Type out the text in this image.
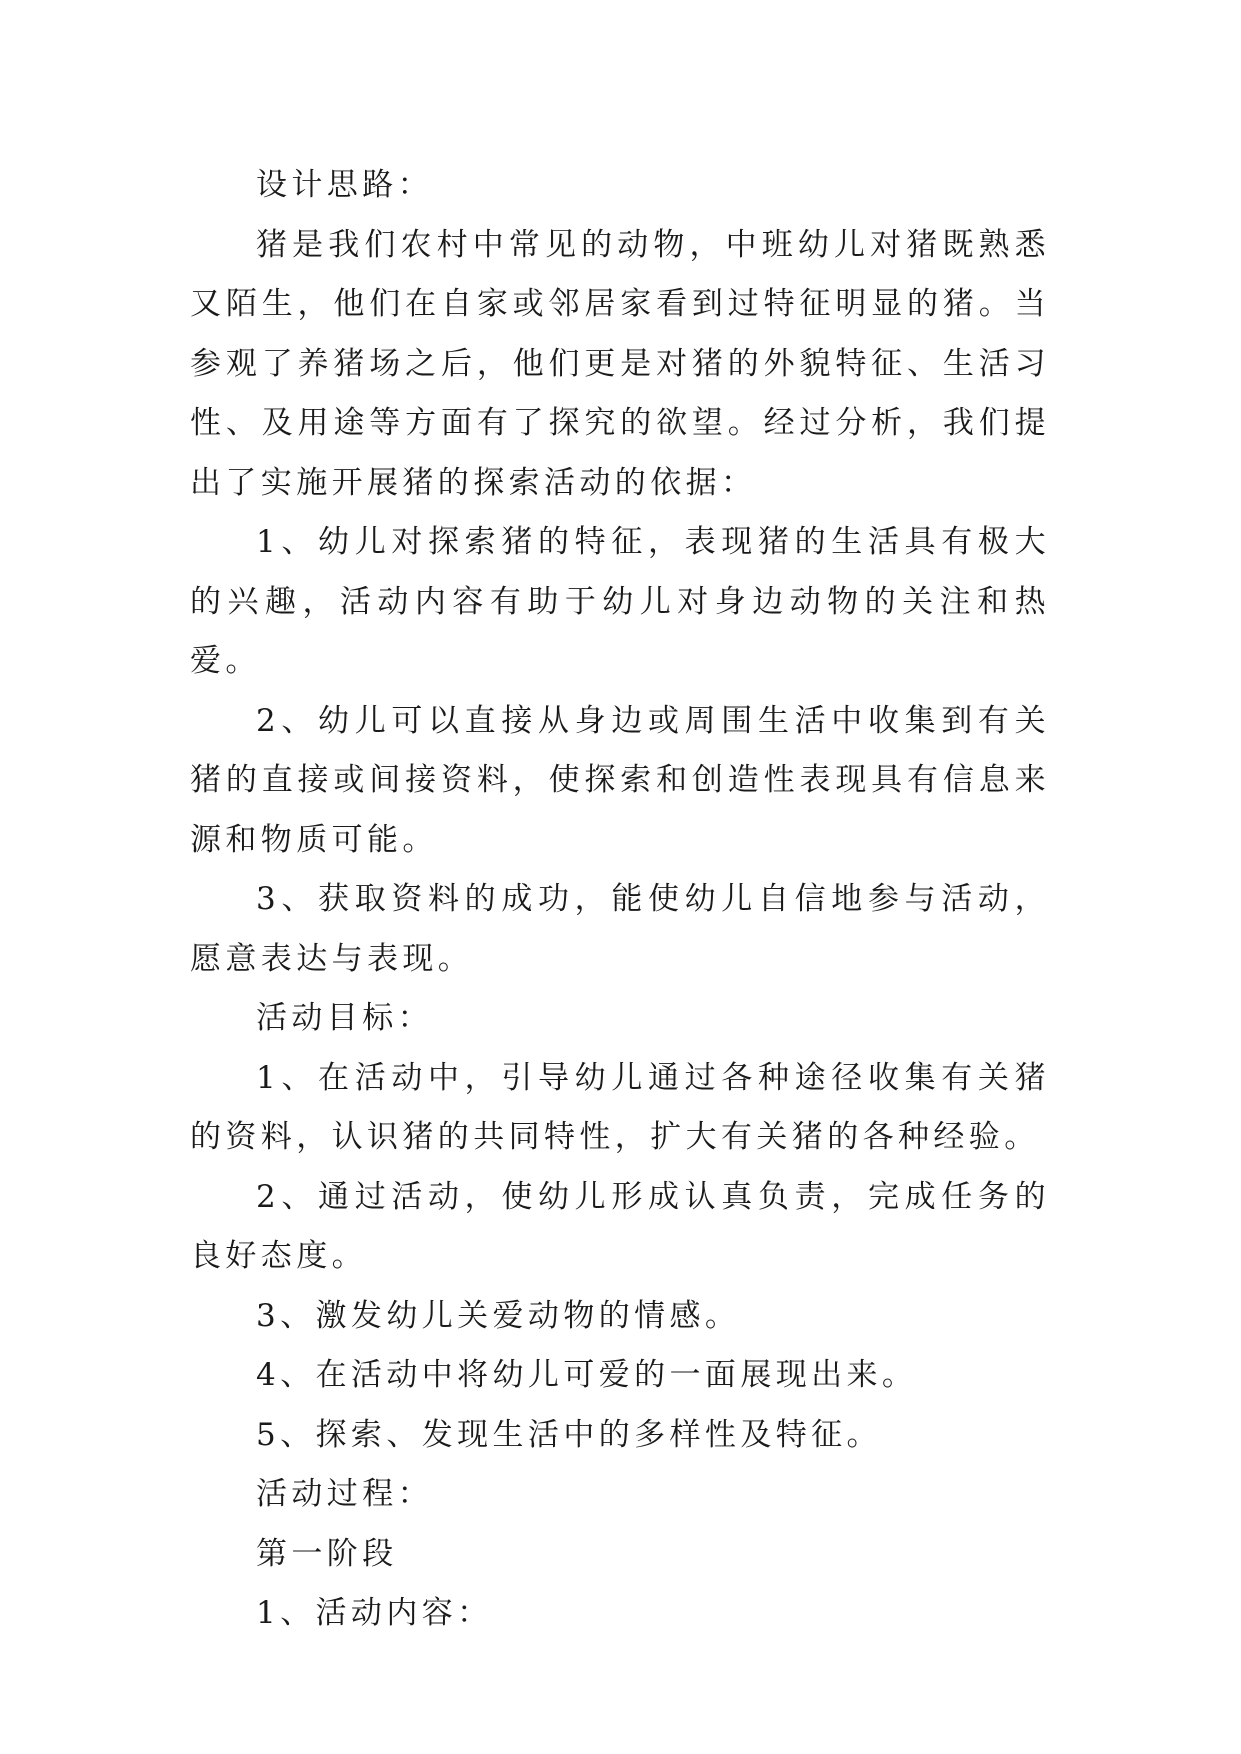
设计思路：

猪是我们农村中常见的动物，中班幼儿对猪既熟悉又陌生，他们在自家或邻居家看到过特征明显的猪。当参观了养猪场之后，他们更是对猪的外貌特征、生活习性、及用途等方面有了探究的欲望。经过分析，我们提出了实施开展猪的探索活动的依据：

1、幼儿对探索猪的特征，表现猪的生活具有极大的兴趣，活动内容有助于幼儿对身边动物的关注和热爱。

2、幼儿可以直接从身边或周围生活中收集到有关猪的直接或间接资料，使探索和创造性表现具有信息来源和物质可能。

3、获取资料的成功，能使幼儿自信地参与活动，愿意表达与表现。

活动目标：

1、在活动中，引导幼儿通过各种途径收集有关猪的资料，认识猪的共同特性，扩大有关猪的各种经验。

2、通过活动，使幼儿形成认真负责，完成任务的良好态度。

3、激发幼儿关爱动物的情感。

4、在活动中将幼儿可爱的一面展现出来。

5、探索、发现生活中的多样性及特征。

活动过程：

第一阶段

1、活动内容：
